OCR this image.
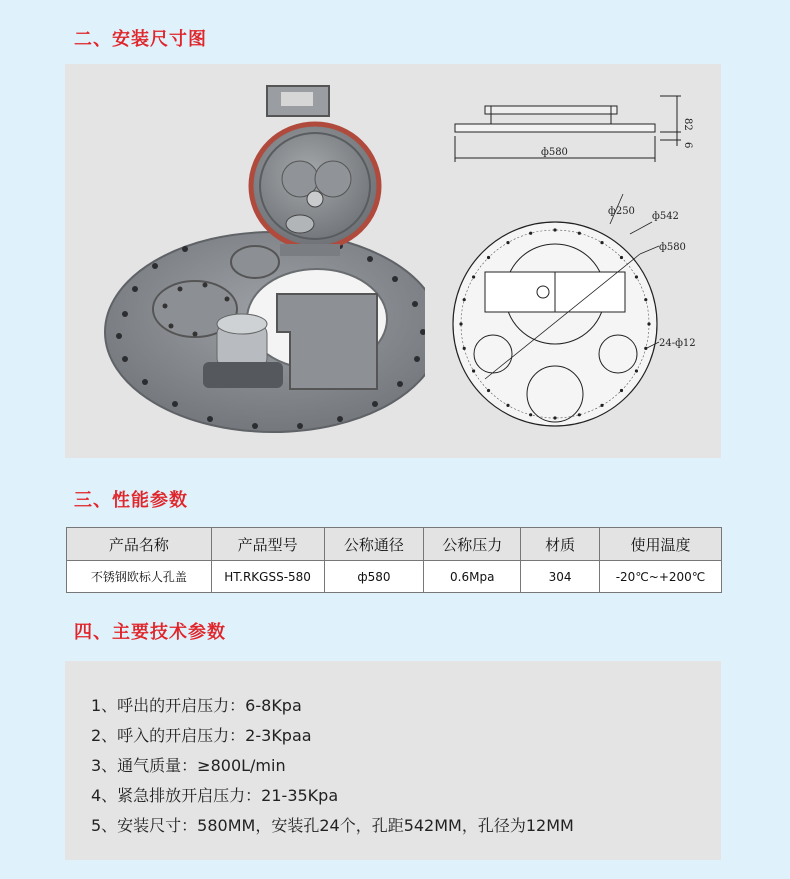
二、安装尺寸图
82
6
ф580
ф250 ф542
ф580
24-ф12
三、性能参数
产品名称	产品型号	公称通径	公称压力	材质	使用温度
不锈钢欧标人孔盖	HT.RKGSS-580	ф580	0.6Mpa	304	-20℃~+200℃
四、主要技术参数
1、呼出的开启压力：6-8Kpa
2、呼入的开启压力：2-3Kpaa
3、通气质量：≥800L/min
4、紧急排放开启压力：21-35Kpa
5、安装尺寸：580MM，安装孔24个，孔距542MM，孔径为12MM
